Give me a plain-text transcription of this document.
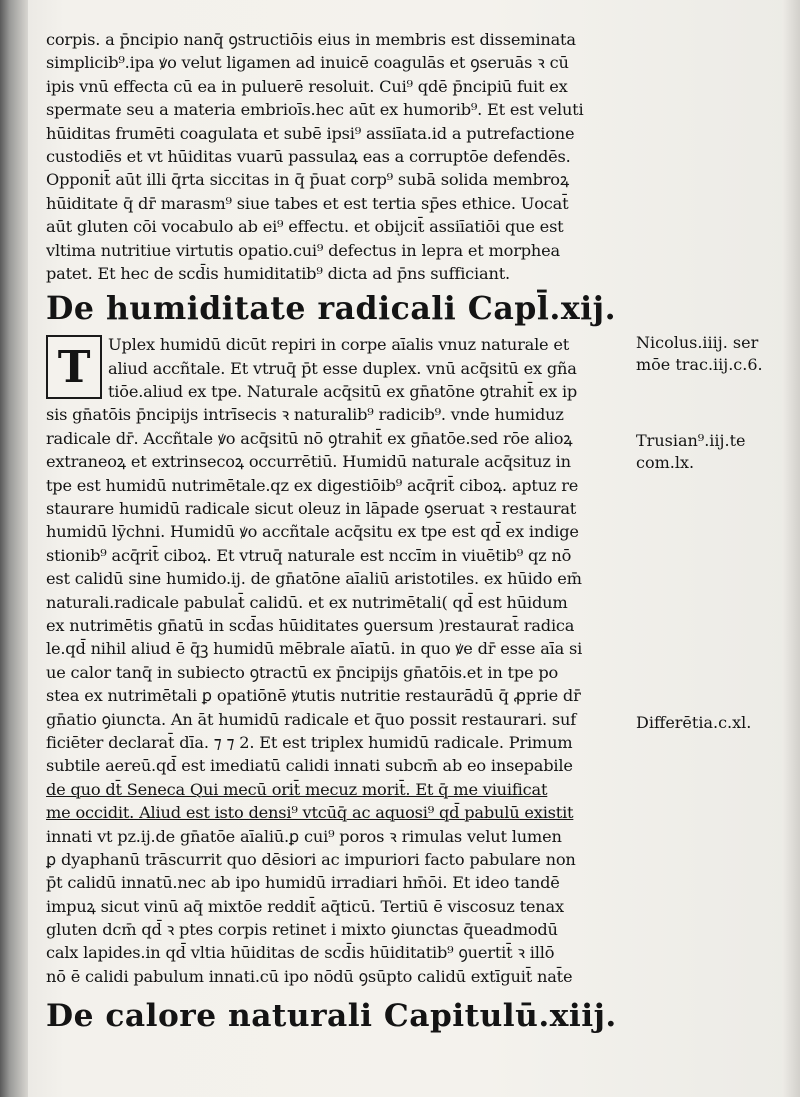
corpis. a p̄ncipio nanq̄ ꝯstructiōis eius in membris est disseminata
simplicib⁹.ipa ꝟo velut ligamen ad inuicē coagulās et ꝯseruās ꝛ cū
ipis vnū effecta cū ea in puluerē resoluit. Cui⁹ qdē p̄ncipiū fuit ex
spermate seu a materia embrioīs.hec aūt ex humorib⁹. Et est veluti
hūiditas frumēti coagulata et subē ipsi⁹ assiīata.id a putrefactione
custodiēs et vt hūiditas vuarū passulaꝝ eas a corruptōe defendēs.
Opponit̄ aūt illi q̄rta siccitas in q̄ p̄uat corp⁹ subā solida membroꝝ
hūiditate q̄ dr̄ marasm⁹ siue tabes et est tertia sp̄es ethice. Uocat̄
aūt gluten cōi vocabulo ab ei⁹ effectu. et obijcit̄ assiīatiōi que est
vltima nutritiue virtutis opatio.cui⁹ defectus in lepra et morphea
patet. Et hec de scd̄is humiditatib⁹ dicta ad p̄ns sufficiant.
De humiditate radicali Capl̄.xij.
T	Uplex humidū dicūt repiri in corpe aīalis vnuz naturale et
aliud accñtale. Et vtruq̄ p̄t esse duplex. vnū acq̄sitū ex gña
tiōe.aliud ex tpe. Naturale acq̄sitū ex gn̄atōne ꝯtrahit̄ ex ip
sis gn̄atōis p̄ncipijs intrīsecis ꝛ naturalib⁹ radicib⁹. vnde humiduz
radicale dr̄. Accñtale ꝟo acq̄sitū nō ꝯtrahit̄ ex gn̄atōe.sed rōe alioꝝ
extraneoꝝ et extrinsecoꝝ occurrētiū. Humidū naturale acq̄situz in
tpe est humidū nutrimētale.qz ex digestiōib⁹ acq̄rit̄ ciboꝝ. aptuz re
staurare humidū radicale sicut oleuz in lāpade ꝯseruat ꝛ restaurat
humidū lȳchni. Humidū ꝟo accñtale acq̄situ ex tpe est qd̄ ex indige
stionib⁹ acq̄rit̄ ciboꝝ. Et vtruq̄ naturale est nccīm in viuētib⁹ qz nō
est calidū sine humido.ij. de gn̄atōne aīaliū aristotiles. ex hūido em̄
naturali.radicale pabulat̄ calidū. et ex nutrimētali( qd̄ est hūidum
ex nutrimētis gn̄atū in scd̄as hūiditates ꝯuersum )restaurat̄ radica
le.qd̄ nihil aliud ē q̄ꝫ humidū mēbrale aīatū. in quo ꝟe dr̄ esse aīa si
ue calor tanq̄ in subiecto ꝯtractū ex p̄ncipijs gn̄atōis.et in tpe po
stea ex nutrimētali ꝑ opatiōnē ꝟtutis nutritie restaurādū q̄ ꝓprie dr̄
gn̄atio ꝯiuncta. An āt humidū radicale et q̄uo possit restaurari. suf
ficiēter declarat̄ dīa. ⁊ ⁊ 2. Et est triplex humidū radicale. Primum
subtile aereū.qd̄ est imediatū calidi innati subcm̄ ab eo insepabile
de quo dt̄ Seneca Qui mecū orit̄ mecuz morit̄. Et q̄ me viuificat
me occidit. Aliud est isto densi⁹ vtcūq̄ ac aquosi⁹ qd̄ pabulū existit
innati vt pz.ij.de gn̄atōe aīaliū.ꝑ cui⁹ poros ꝛ rimulas velut lumen
ꝑ dyaphanū trāscurrit quo dēsiori ac impuriori facto pabulare non
p̄t calidū innatū.nec ab ipo humidū irradiari hm̄ōi. Et ideo tandē
impuꝝ sicut vinū aq̄ mixtōe reddit̄ aq̄ticū. Tertiū ē viscosuz tenax
gluten dcm̄ qd̄ ꝛ ptes corpis retinet i mixto ꝯiunctas q̄ueadmodū
calx lapides.in qd̄ vltia hūiditas de scd̄is hūiditatib⁹ ꝯuertit̄ ꝛ illō
nō ē calidi pabulum innati.cū ipo nōdū ꝯsūpto calidū extīguit̄ nat̄e
De calore naturali Capitulū.xiij.
Nicolus.iiij. ser
mōe trac.iij.c.6.
Trusian⁹.iij.te
com.lx.
Differētia.c.xl.
